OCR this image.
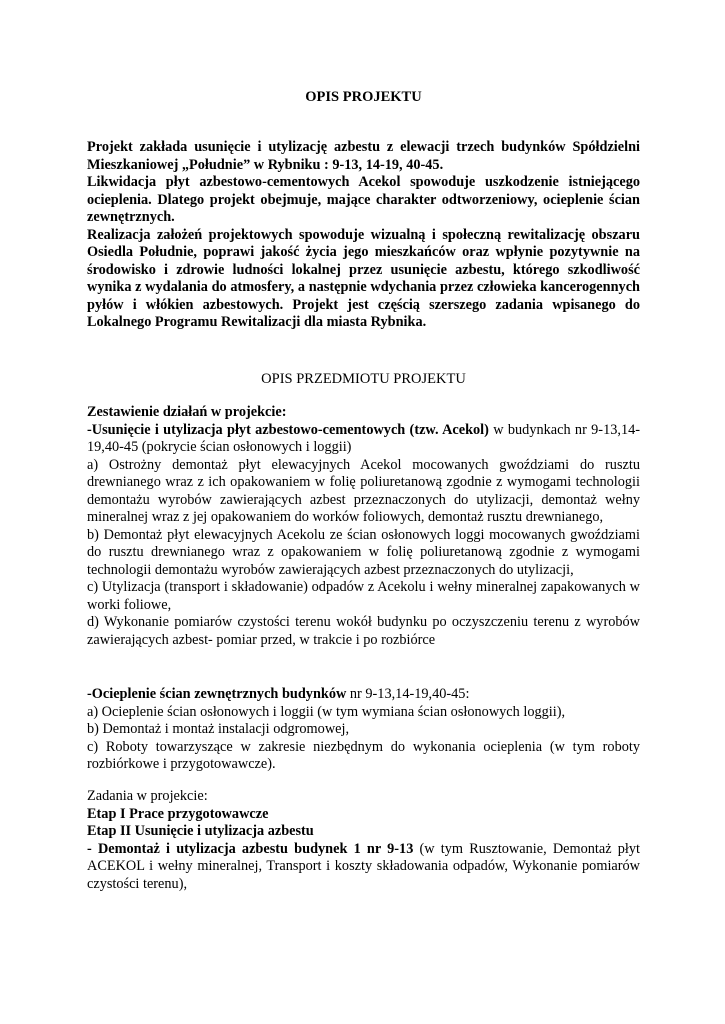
OPIS PROJEKTU

Projekt zakłada usunięcie i utylizację azbestu z elewacji trzech budynków Spółdzielni Mieszkaniowej „Południe” w Rybniku : 9-13, 14-19, 40-45.

Likwidacja płyt azbestowo-cementowych Acekol spowoduje uszkodzenie istniejącego ocieplenia. Dlatego projekt obejmuje, mające charakter odtworzeniowy, ocieplenie ścian zewnętrznych.

Realizacja założeń projektowych spowoduje wizualną i społeczną rewitalizację obszaru Osiedla Południe, poprawi jakość życia jego mieszkańców oraz wpłynie pozytywnie na środowisko i zdrowie ludności lokalnej przez usunięcie azbestu, którego szkodliwość wynika z wydalania do atmosfery, a następnie wdychania przez człowieka kancerogennych pyłów i włókien azbestowych. Projekt jest częścią szerszego zadania wpisanego do Lokalnego Programu Rewitalizacji dla miasta Rybnika.

OPIS PRZEDMIOTU PROJEKTU

Zestawienie działań w projekcie:

-Usunięcie i utylizacja płyt azbestowo-cementowych (tzw. Acekol) w budynkach nr 9-13,14-19,40-45 (pokrycie ścian osłonowych i loggii)

a) Ostrożny demontaż płyt elewacyjnych Acekol mocowanych gwoździami do rusztu drewnianego wraz z ich opakowaniem w folię poliuretanową zgodnie z wymogami technologii demontażu wyrobów zawierających azbest przeznaczonych do utylizacji, demontaż wełny mineralnej wraz z jej opakowaniem do worków foliowych, demontaż rusztu drewnianego,

b) Demontaż płyt elewacyjnych Acekolu ze ścian osłonowych loggi mocowanych gwoździami do rusztu drewnianego wraz z opakowaniem w folię poliuretanową zgodnie z wymogami technologii demontażu wyrobów zawierających azbest przeznaczonych do utylizacji,

c) Utylizacja (transport i składowanie) odpadów z Acekolu i wełny mineralnej zapakowanych w worki foliowe,

d) Wykonanie pomiarów czystości terenu wokół budynku po oczyszczeniu terenu z wyrobów zawierających azbest- pomiar przed, w trakcie i po rozbiórce

-Ocieplenie ścian zewnętrznych budynków nr 9-13,14-19,40-45:

a) Ocieplenie ścian osłonowych i loggii (w tym wymiana ścian osłonowych loggii),

b) Demontaż i montaż instalacji odgromowej,

c) Roboty towarzyszące w zakresie niezbędnym do wykonania ocieplenia (w tym roboty rozbiórkowe i przygotowawcze).

Zadania w projekcie:

Etap I Prace przygotowawcze

Etap II Usunięcie i utylizacja azbestu

- Demontaż i utylizacja azbestu budynek 1 nr 9-13 (w tym Rusztowanie, Demontaż płyt ACEKOL i wełny mineralnej, Transport i koszty składowania odpadów, Wykonanie pomiarów czystości terenu),
